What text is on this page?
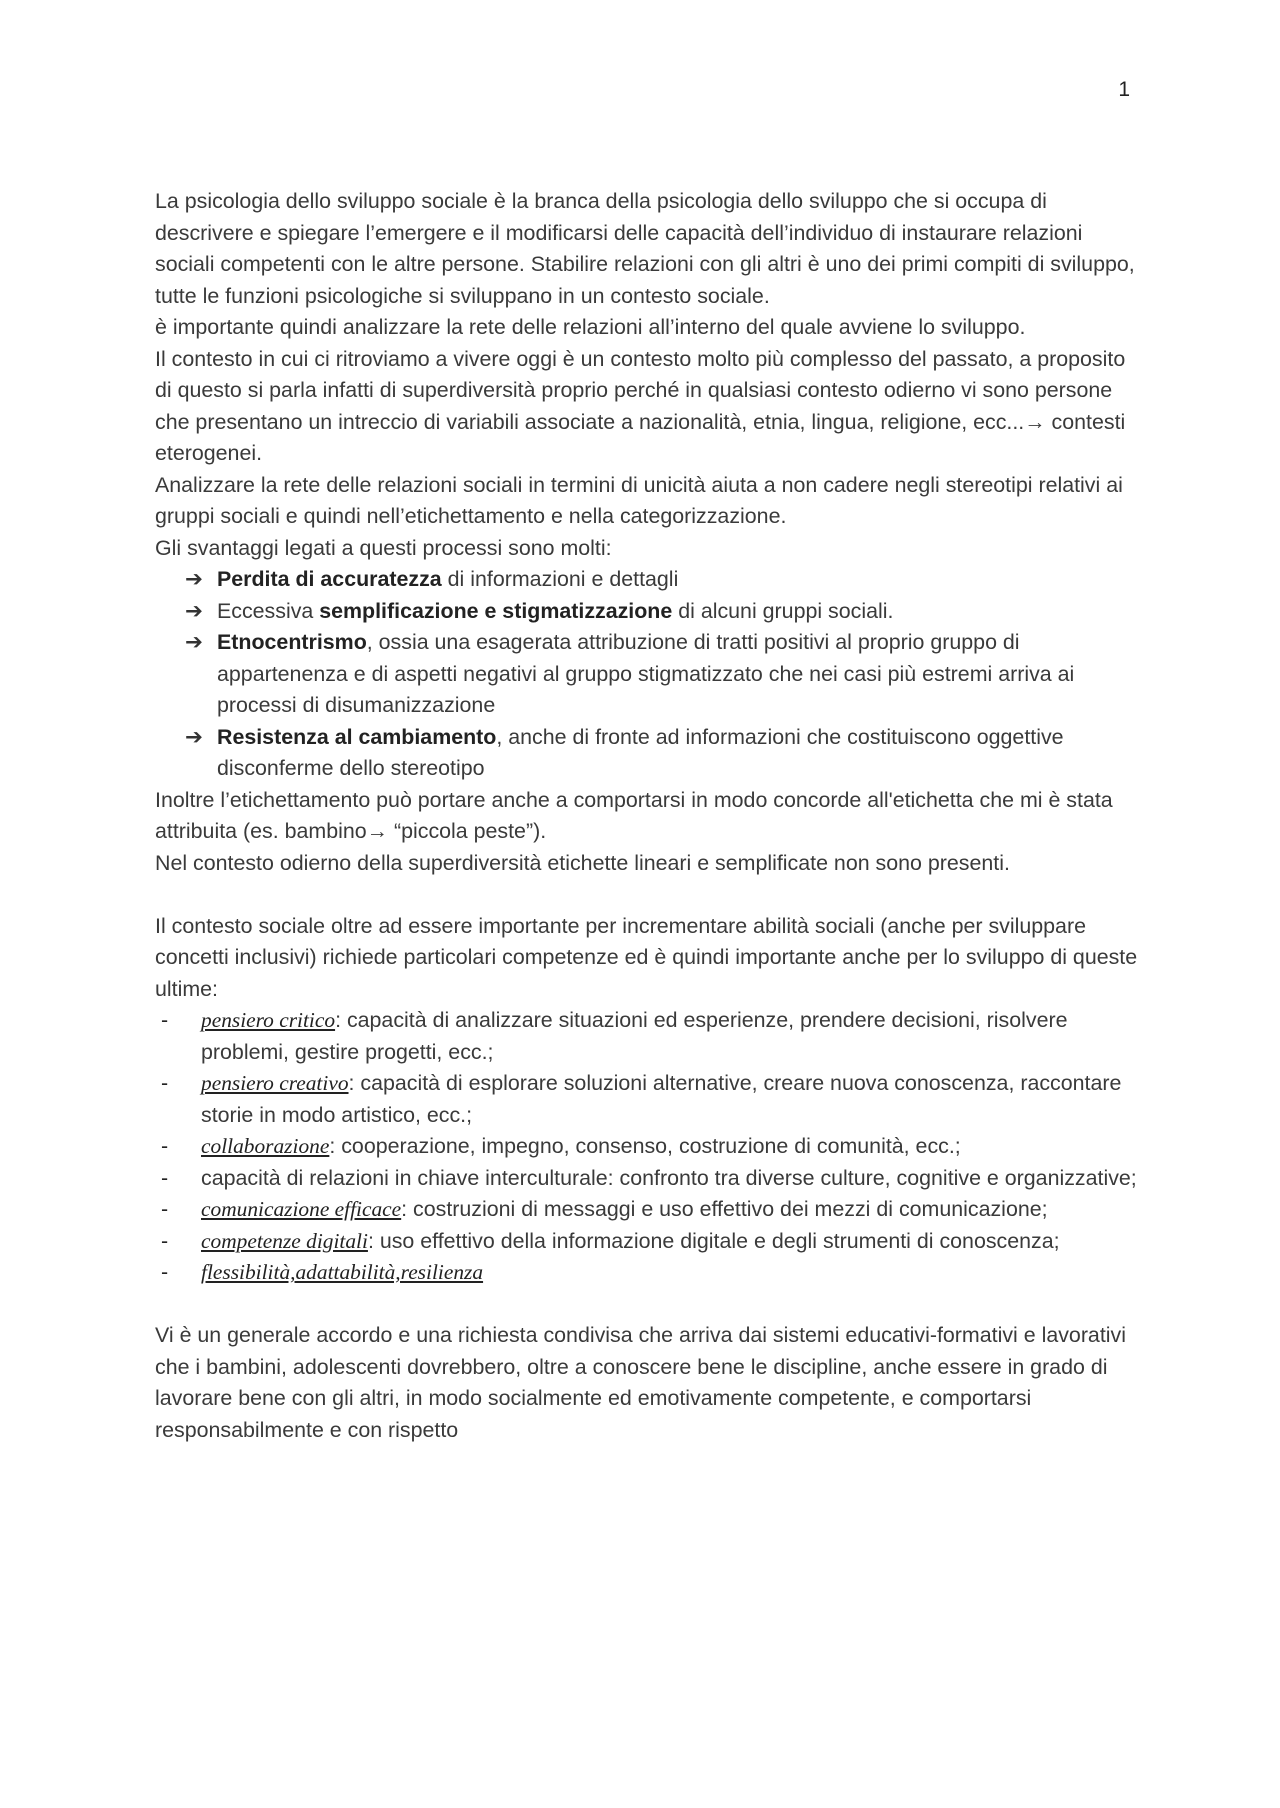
1

La psicologia dello sviluppo sociale è la branca della psicologia dello sviluppo che si occupa di descrivere e spiegare l’emergere e il modificarsi delle capacità dell’individuo di instaurare relazioni sociali competenti con le altre persone. Stabilire relazioni con gli altri è uno dei primi compiti di sviluppo, tutte le funzioni psicologiche si sviluppano in un contesto sociale.

è importante quindi analizzare la rete delle relazioni all’interno del quale avviene lo sviluppo.

Il contesto in cui ci ritroviamo a vivere oggi è un contesto molto più complesso del passato, a proposito di questo si parla infatti di superdiversità proprio perché in qualsiasi contesto odierno vi sono persone che presentano un intreccio di variabili associate a nazionalità, etnia, lingua, religione, ecc...→ contesti eterogenei.

Analizzare la rete delle relazioni sociali in termini di unicità aiuta a non cadere negli stereotipi relativi ai gruppi sociali e quindi nell’etichettamento e nella categorizzazione.

Gli svantaggi legati a questi processi sono molti:

➔ Perdita di accuratezza di informazioni e dettagli
➔ Eccessiva semplificazione e stigmatizzazione di alcuni gruppi sociali.
➔ Etnocentrismo, ossia una esagerata attribuzione di tratti positivi al proprio gruppo di appartenenza e di aspetti negativi al gruppo stigmatizzato che nei casi più estremi arriva ai processi di disumanizzazione
➔ Resistenza al cambiamento, anche di fronte ad informazioni che costituiscono oggettive disconferme dello stereotipo

Inoltre l’etichettamento può portare anche a comportarsi in modo concorde all'etichetta che mi è stata attribuita (es. bambino→ “piccola peste”).

Nel contesto odierno della superdiversità etichette lineari e semplificate non sono presenti.

Il contesto sociale oltre ad essere importante per incrementare abilità sociali (anche per sviluppare concetti inclusivi) richiede particolari competenze ed è quindi importante anche per lo sviluppo di queste ultime:

- pensiero critico: capacità di analizzare situazioni ed esperienze, prendere decisioni, risolvere problemi, gestire progetti, ecc.;
- pensiero creativo: capacità di esplorare soluzioni alternative, creare nuova conoscenza, raccontare storie in modo artistico, ecc.;
- collaborazione: cooperazione, impegno, consenso, costruzione di comunità, ecc.;
- capacità di relazioni in chiave interculturale: confronto tra diverse culture, cognitive e organizzative;
- comunicazione efficace: costruzioni di messaggi e uso effettivo dei mezzi di comunicazione;
- competenze digitali: uso effettivo della informazione digitale e degli strumenti di conoscenza;
- flessibilità,adattabilità,resilienza

Vi è un generale accordo e una richiesta condivisa che arriva dai sistemi educativi-formativi e lavorativi che i bambini, adolescenti dovrebbero, oltre a conoscere bene le discipline, anche essere in grado di lavorare bene con gli altri, in modo socialmente ed emotivamente competente, e comportarsi responsabilmente e con rispetto
